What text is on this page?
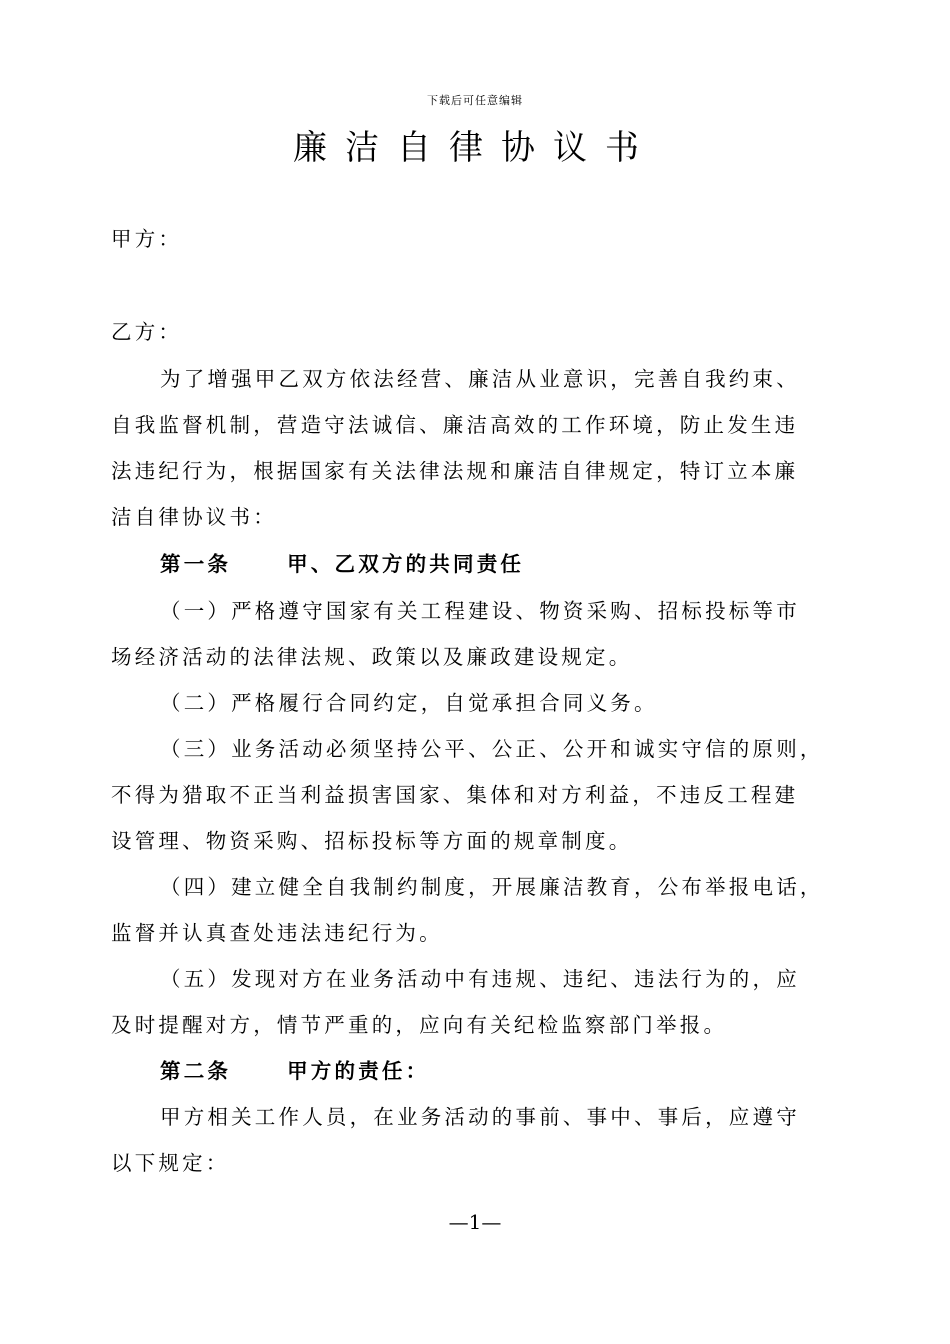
下载后可任意编辑
廉洁自律协议书
甲方：
乙方：
为了增强甲乙双方依法经营、廉洁从业意识，完善自我约束、
自我监督机制，营造守法诚信、廉洁高效的工作环境，防止发生违
法违纪行为，根据国家有关法律法规和廉洁自律规定，特订立本廉
洁自律协议书：
第一条	甲、乙双方的共同责任
（一）严格遵守国家有关工程建设、物资采购、招标投标等市
场经济活动的法律法规、政策以及廉政建设规定。
（二）严格履行合同约定，自觉承担合同义务。
（三）业务活动必须坚持公平、公正、公开和诚实守信的原则，
不得为猎取不正当利益损害国家、集体和对方利益，不违反工程建
设管理、物资采购、招标投标等方面的规章制度。
（四）建立健全自我制约制度，开展廉洁教育，公布举报电话，
监督并认真查处违法违纪行为。
（五）发现对方在业务活动中有违规、违纪、违法行为的，应
及时提醒对方，情节严重的，应向有关纪检监察部门举报。
第二条	甲方的责任：
甲方相关工作人员，在业务活动的事前、事中、事后，应遵守
以下规定：
—1—
